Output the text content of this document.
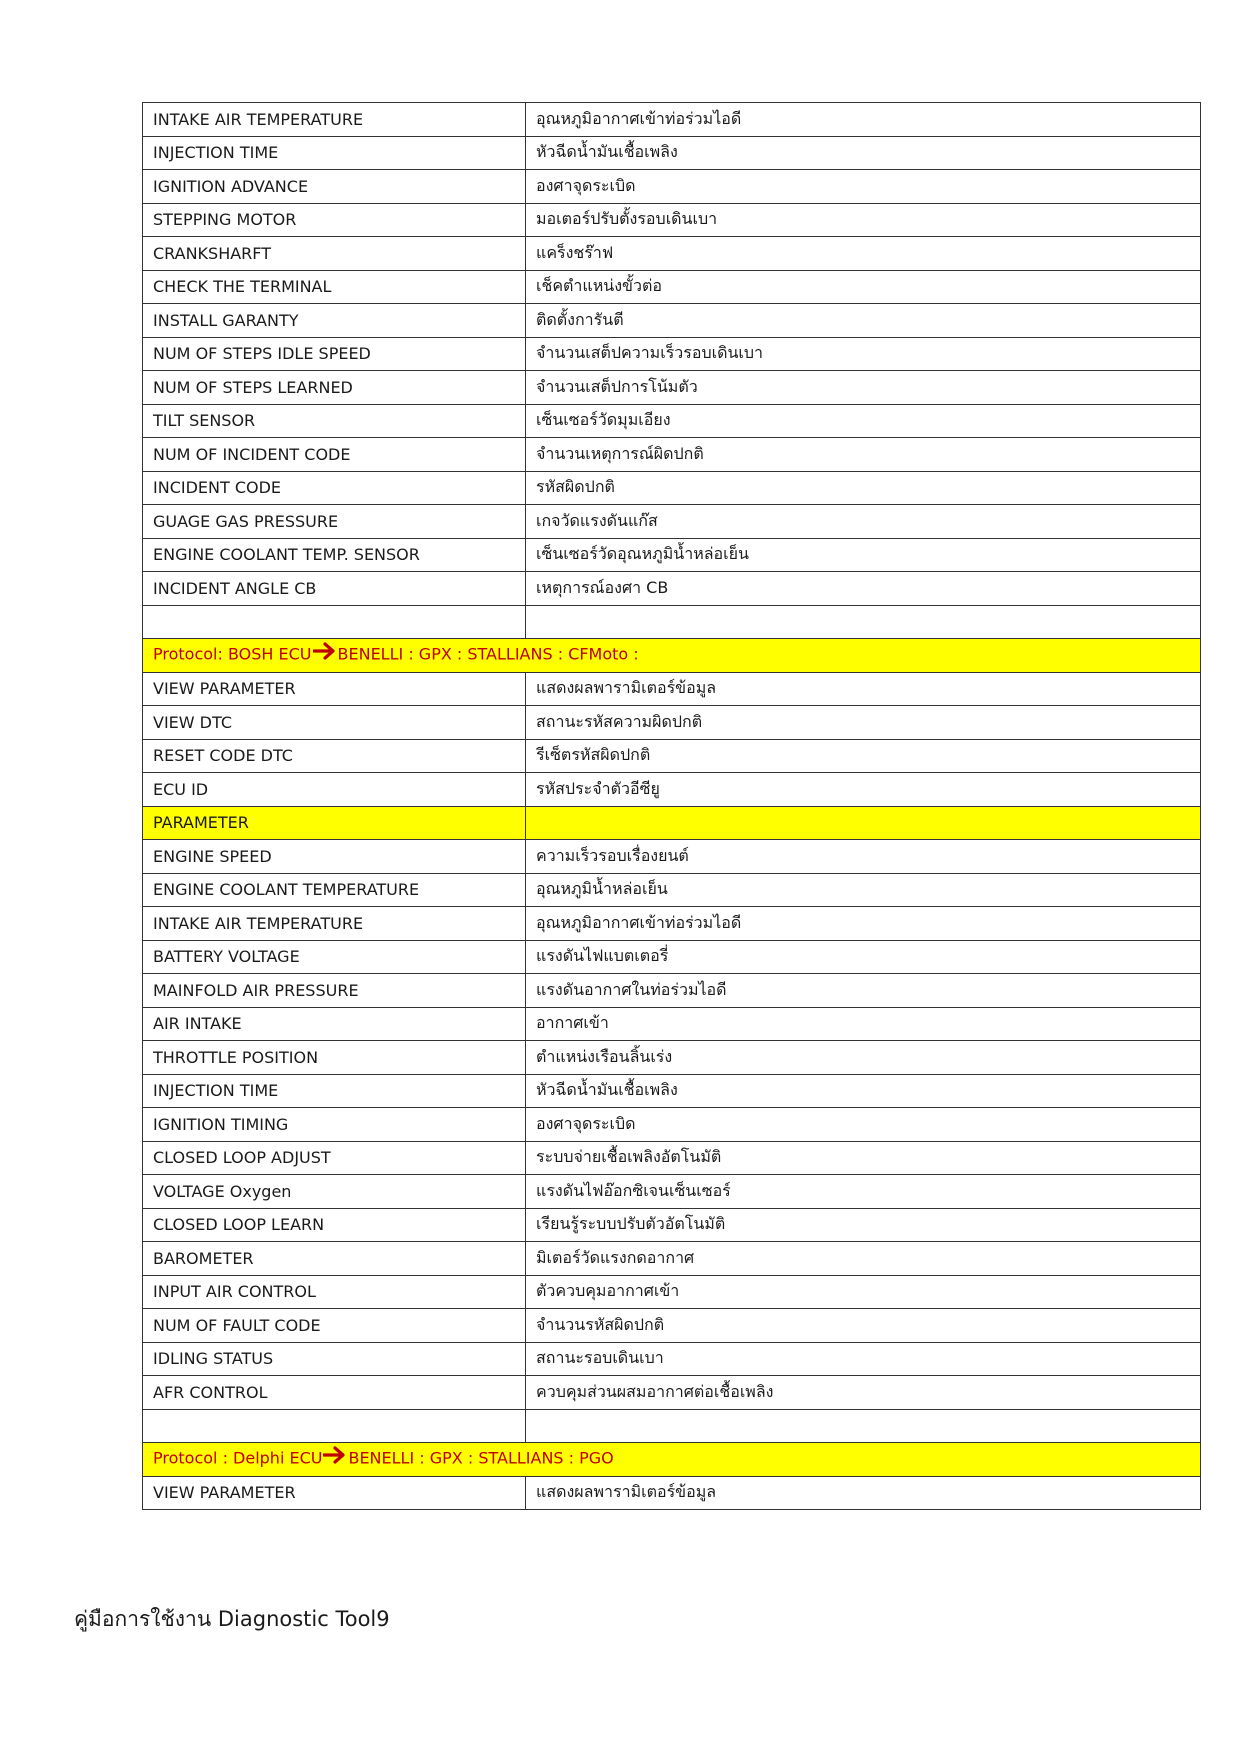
INTAKE AIR TEMPERATURE	อุณหภูมิอากาศเข้าท่อร่วมไอดี
INJECTION TIME	หัวฉีดน้ำมันเชื้อเพลิง
IGNITION ADVANCE	องศาจุดระเบิด
STEPPING MOTOR	มอเตอร์ปรับตั้งรอบเดินเบา
CRANKSHARFT	แคร็งชร๊าฟ
CHECK THE TERMINAL	เช็คตำแหน่งขั้วต่อ
INSTALL GARANTY	ติดตั้งการันตี
NUM OF STEPS IDLE SPEED	จำนวนเสต็ปความเร็วรอบเดินเบา
NUM OF STEPS LEARNED	จำนวนเสต็ปการโน้มตัว
TILT SENSOR	เซ็นเซอร์วัดมุมเอียง
NUM OF INCIDENT CODE	จำนวนเหตุการณ์ผิดปกติ
INCIDENT CODE	รหัสผิดปกติ
GUAGE GAS PRESSURE	เกจวัดแรงดันแก๊ส
ENGINE COOLANT TEMP. SENSOR	เซ็นเซอร์วัดอุณหภูมิน้ำหล่อเย็น
INCIDENT ANGLE CB	เหตุการณ์องศา CB

Protocol: BOSH ECU BENELLI : GPX : STALLIANS : CFMoto :	
VIEW PARAMETER	แสดงผลพารามิเตอร์ข้อมูล
VIEW DTC	สถานะรหัสความผิดปกติ
RESET CODE DTC	รีเซ็ตรหัสผิดปกติ
ECU ID	รหัสประจำตัวอีซียู
PARAMETER	
ENGINE SPEED	ความเร็วรอบเรื่องยนต์
ENGINE COOLANT TEMPERATURE	อุณหภูมิน้ำหล่อเย็น
INTAKE AIR TEMPERATURE	อุณหภูมิอากาศเข้าท่อร่วมไอดี
BATTERY VOLTAGE	แรงดันไฟแบตเตอรี่
MAINFOLD AIR PRESSURE	แรงดันอากาศในท่อร่วมไอดี
AIR INTAKE	อากาศเข้า
THROTTLE POSITION	ตำแหน่งเรือนลิ้นเร่ง
INJECTION TIME	หัวฉีดน้ำมันเชื้อเพลิง
IGNITION TIMING	องศาจุดระเบิด
CLOSED LOOP ADJUST	ระบบจ่ายเชื้อเพลิงอัตโนมัติ
VOLTAGE Oxygen	แรงดันไฟอ๊อกซิเจนเซ็นเซอร์
CLOSED LOOP LEARN	เรียนรู้ระบบปรับตัวอัตโนมัติ
BAROMETER	มิเตอร์วัดแรงกดอากาศ
INPUT AIR CONTROL	ตัวควบคุมอากาศเข้า
NUM OF FAULT CODE	จำนวนรหัสผิดปกติ
IDLING STATUS	สถานะรอบเดินเบา
AFR CONTROL	ควบคุมส่วนผสมอากาศต่อเชื้อเพลิง

Protocol : Delphi ECU BENELLI : GPX : STALLIANS : PGO	
VIEW PARAMETER	แสดงผลพารามิเตอร์ข้อมูล
คู่มือการใช้งาน Diagnostic Tool9
